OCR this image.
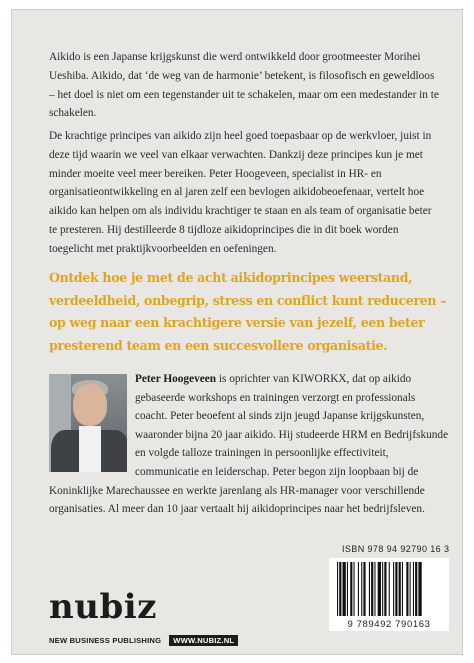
Aikido is een Japanse krijgskunst die werd ontwikkeld door grootmeester Morihei Ueshiba. Aikido, dat ‘de weg van de harmonie’ betekent, is filosofisch en geweldloos – het doel is niet om een tegenstander uit te schakelen, maar om een medestander in te schakelen.

De krachtige principes van aikido zijn heel goed toepasbaar op de werkvloer, juist in deze tijd waarin we veel van elkaar verwachten. Dankzij deze principes kun je met minder moeite veel meer bereiken. Peter Hoogeveen, specialist in HR- en organisatieontwikkeling en al jaren zelf een bevlogen aikidobeoefenaar, vertelt hoe aikido kan helpen om als individu krachtiger te staan en als team of organisatie beter te presteren. Hij destilleerde 8 tijdloze aikidoprincipes die in dit boek worden toegelicht met praktijkvoorbeelden en oefeningen.

Ontdek hoe je met de acht aikidoprincipes weerstand, verdeeldheid, onbegrip, stress en conflict kunt reduceren – op weg naar een krachtigere versie van jezelf, een beter presterend team en een succesvollere organisatie.

Peter Hoogeveen is oprichter van KIWORKX, dat op aikido gebaseerde workshops en trainingen verzorgt en professionals coacht. Peter beoefent al sinds zijn jeugd Japanse krijgskunsten, waaronder bijna 20 jaar aikido. Hij studeerde HRM en Bedrijfskunde en volgde talloze trainingen in persoonlijke effectiviteit, communicatie en leiderschap. Peter begon zijn loopbaan bij de Koninklijke Marechaussee en werkte jarenlang als HR-manager voor verschillende organisaties. Al meer dan 10 jaar vertaalt hij aikidoprincipes naar het bedrijfsleven.

ISBN 978 94 92790 16 3
9 789492 790163
nubiz
NEW BUSINESS PUBLISHING	WWW.NUBIZ.NL
